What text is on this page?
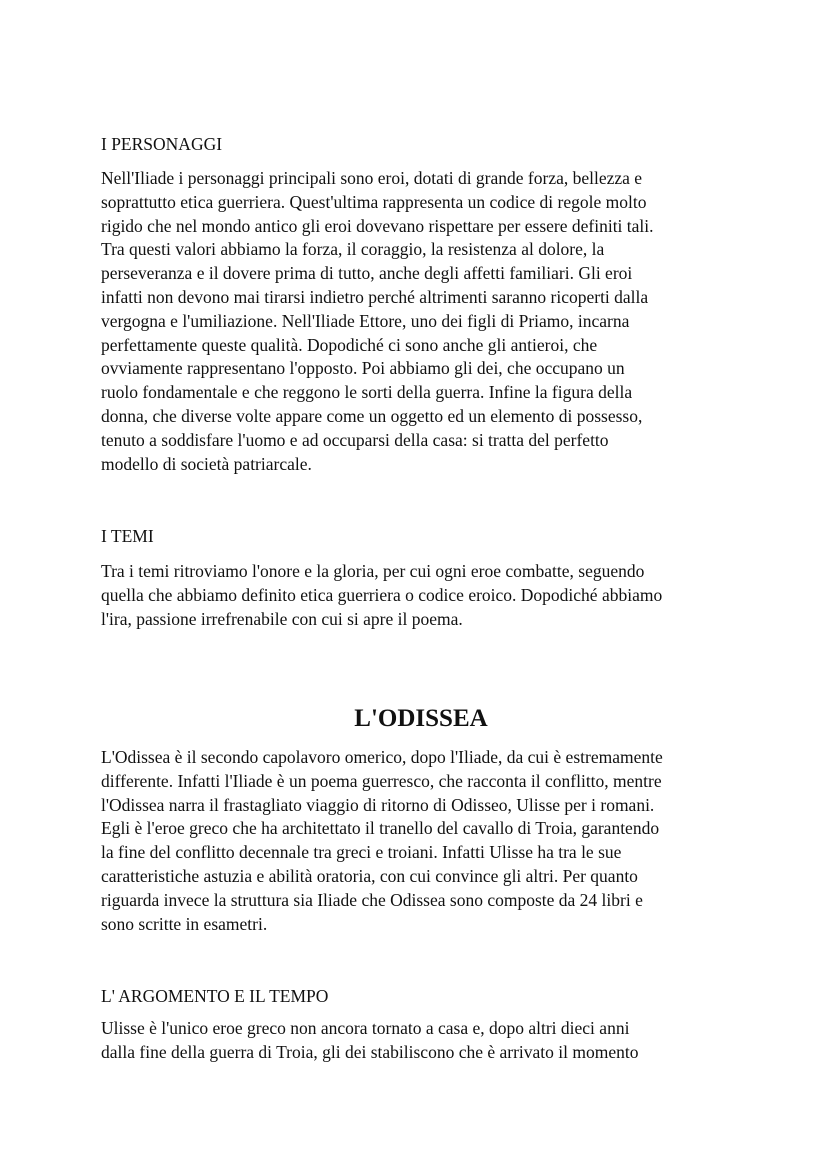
I PERSONAGGI

Nell'Iliade i personaggi principali sono eroi, dotati di grande forza, bellezza e
soprattutto etica guerriera. Quest'ultima rappresenta un codice di regole molto
rigido che nel mondo antico gli eroi dovevano rispettare per essere definiti tali.
Tra questi valori abbiamo la forza, il coraggio, la resistenza al dolore, la
perseveranza e il dovere prima di tutto, anche degli affetti familiari. Gli eroi
infatti non devono mai tirarsi indietro perché altrimenti saranno ricoperti dalla
vergogna e l'umiliazione. Nell'Iliade Ettore, uno dei figli di Priamo, incarna
perfettamente queste qualità. Dopodiché ci sono anche gli antieroi, che
ovviamente rappresentano l'opposto. Poi abbiamo gli dei, che occupano un
ruolo fondamentale e che reggono le sorti della guerra. Infine la figura della
donna, che diverse volte appare come un oggetto ed un elemento di possesso,
tenuto a soddisfare l'uomo e ad occuparsi della casa: si tratta del perfetto
modello di società patriarcale.

I TEMI

Tra i temi ritroviamo l'onore e la gloria, per cui ogni eroe combatte, seguendo
quella che abbiamo definito etica guerriera o codice eroico. Dopodiché abbiamo
l'ira, passione irrefrenabile con cui si apre il poema.

L'ODISSEA

L'Odissea è il secondo capolavoro omerico, dopo l'Iliade, da cui è estremamente
differente. Infatti l'Iliade è un poema guerresco, che racconta il conflitto, mentre
l'Odissea narra il frastagliato viaggio di ritorno di Odisseo, Ulisse per i romani.
Egli è l'eroe greco che ha architettato il tranello del cavallo di Troia, garantendo
la fine del conflitto decennale tra greci e troiani. Infatti Ulisse ha tra le sue
caratteristiche astuzia e abilità oratoria, con cui convince gli altri. Per quanto
riguarda invece la struttura sia Iliade che Odissea sono composte da 24 libri e
sono scritte in esametri.

L' ARGOMENTO E IL TEMPO

Ulisse è l'unico eroe greco non ancora tornato a casa e, dopo altri dieci anni
dalla fine della guerra di Troia, gli dei stabiliscono che è arrivato il momento
